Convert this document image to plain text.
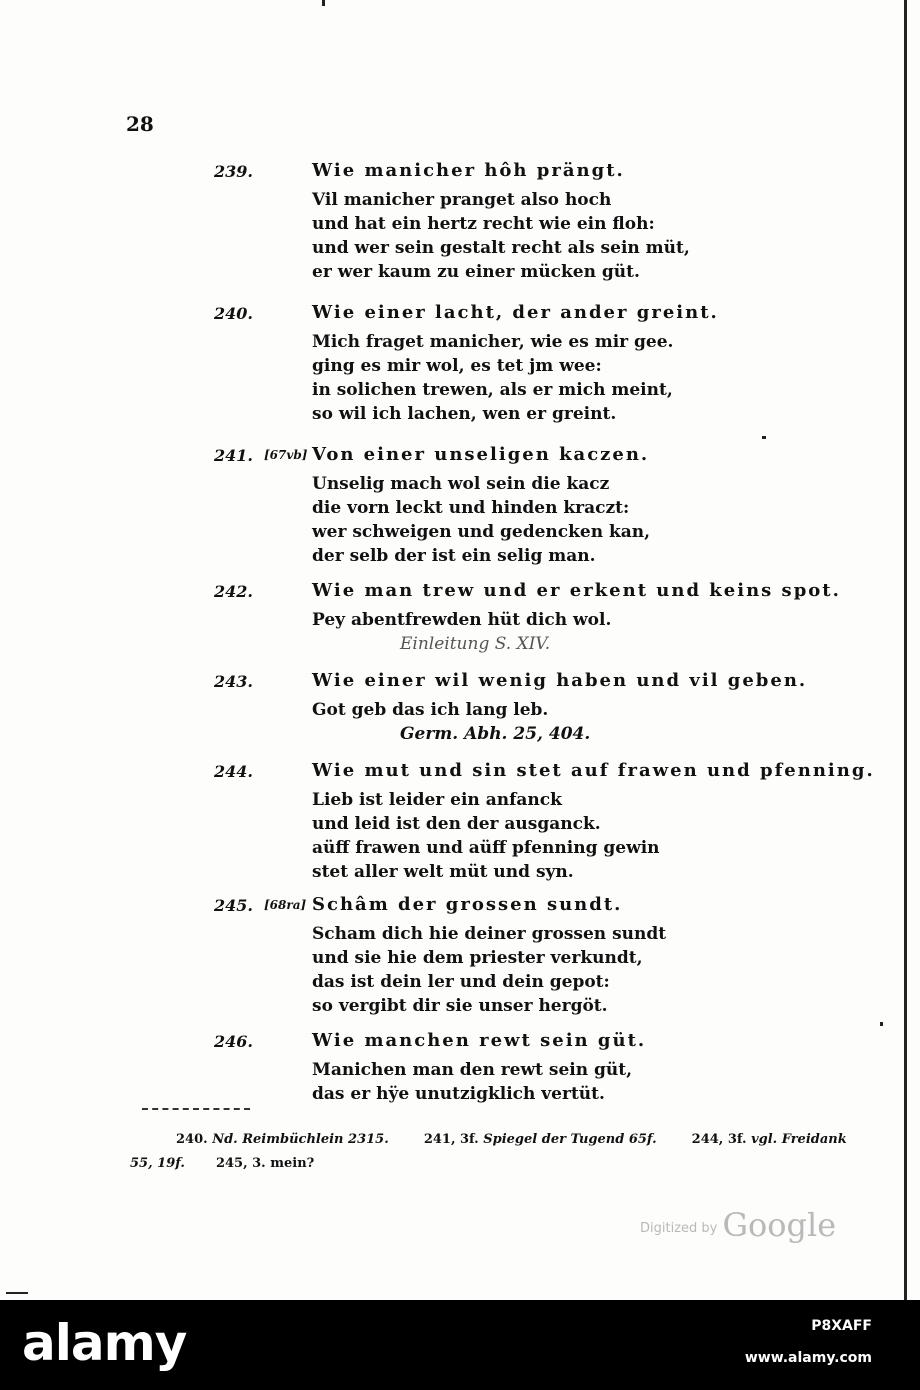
28
239.	Wie manicher hôh prängt.
Vil manicher pranget also hoch
und hat ein hertz recht wie ein floh:
und wer sein gestalt recht als sein müt,
er wer kaum zu einer mücken güt.
240.	Wie einer lacht, der ander greint.
Mich fraget manicher, wie es mir gee.
ging es mir wol, es tet jm wee:
in solichen trewen, als er mich meint,
so wil ich lachen, wen er greint.
241. [67vb] Von einer unseligen kaczen.
Unselig mach wol sein die kacz
die vorn leckt und hinden kraczt:
wer schweigen und gedencken kan,
der selb der ist ein selig man.
242.	Wie man trew und er erkent und keins spot.
Pey abentfrewden hüt dich wol.
Einleitung S. XIV.
243.	Wie einer wil wenig haben und vil geben.
Got geb das ich lang leb.
Germ. Abh. 25, 404.
244.	Wie mut und sin stet auf frawen und pfenning.
Lieb ist leider ein anfanck
und leid ist den der ausganck.
aüff frawen und aüff pfenning gewin
stet aller welt müt und syn.
245. [68ra] Schâm der grossen sundt.
Scham dich hie deiner grossen sundt
und sie hie dem priester verkundt,
das ist dein ler und dein gepot:
so vergibt dir sie unser hergöt.
246.	Wie manchen rewt sein güt.
Manichen man den rewt sein güt,
das er hÿe unutzigklich vertüt.
240. Nd. Reimbüchlein 2315.	241, 3f. Spiegel der Tugend 65f.	244, 3f. vgl. Freidank
55, 19f. 245, 3. mein?
$^{Digitized by}$ Google
alamy	P8XAFF
www.alamy.com
